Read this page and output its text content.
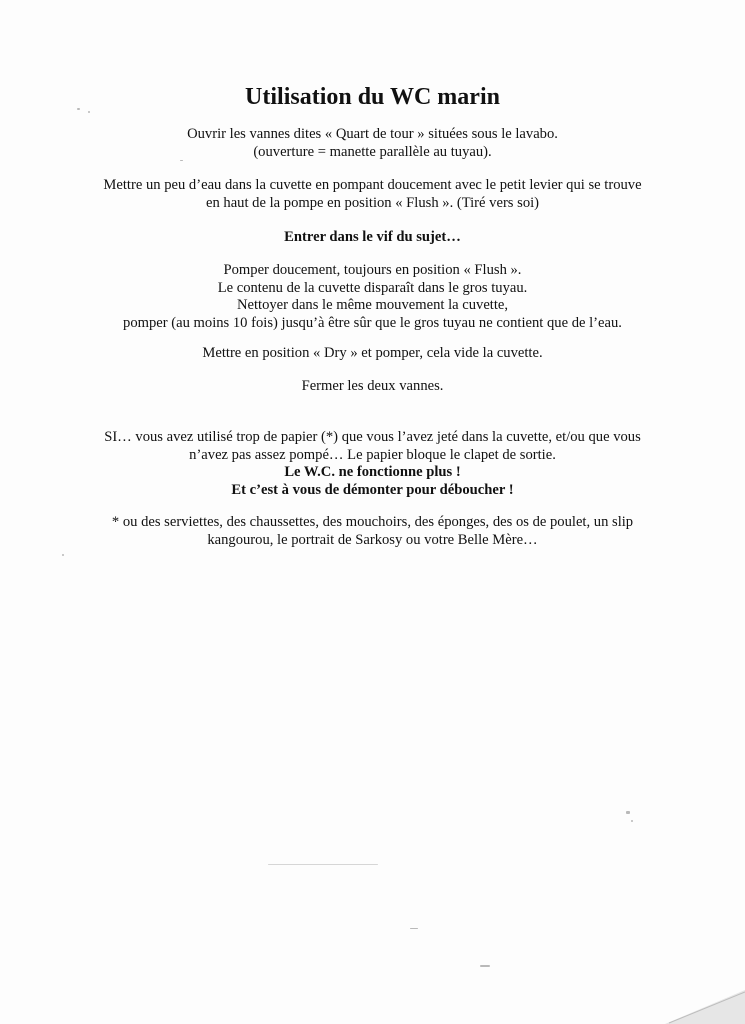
Utilisation du WC marin
Ouvrir les vannes dites « Quart de tour » situées sous le lavabo.
(ouverture = manette parallèle au tuyau).
Mettre un peu d’eau dans la cuvette en pompant doucement avec le petit levier qui se trouve
en haut de la pompe en position « Flush ». (Tiré vers soi)
Entrer dans le vif du sujet…
Pomper doucement, toujours en position « Flush ».
Le contenu de la cuvette disparaît dans le gros tuyau.
Nettoyer dans le même mouvement la cuvette,
pomper (au moins 10 fois) jusqu’à être sûr que le gros tuyau ne contient que de l’eau.
Mettre en position « Dry » et pomper, cela vide la cuvette.
Fermer les deux vannes.
SI… vous avez utilisé trop de papier (*) que vous l’avez jeté dans la cuvette, et/ou que vous
n’avez pas assez pompé… Le papier bloque le clapet de sortie.
Le W.C. ne fonctionne plus !
Et c’est à vous de démonter pour déboucher !
* ou des serviettes, des chaussettes, des mouchoirs, des éponges, des os de poulet, un slip
kangourou, le portrait de Sarkosy ou votre Belle Mère…
